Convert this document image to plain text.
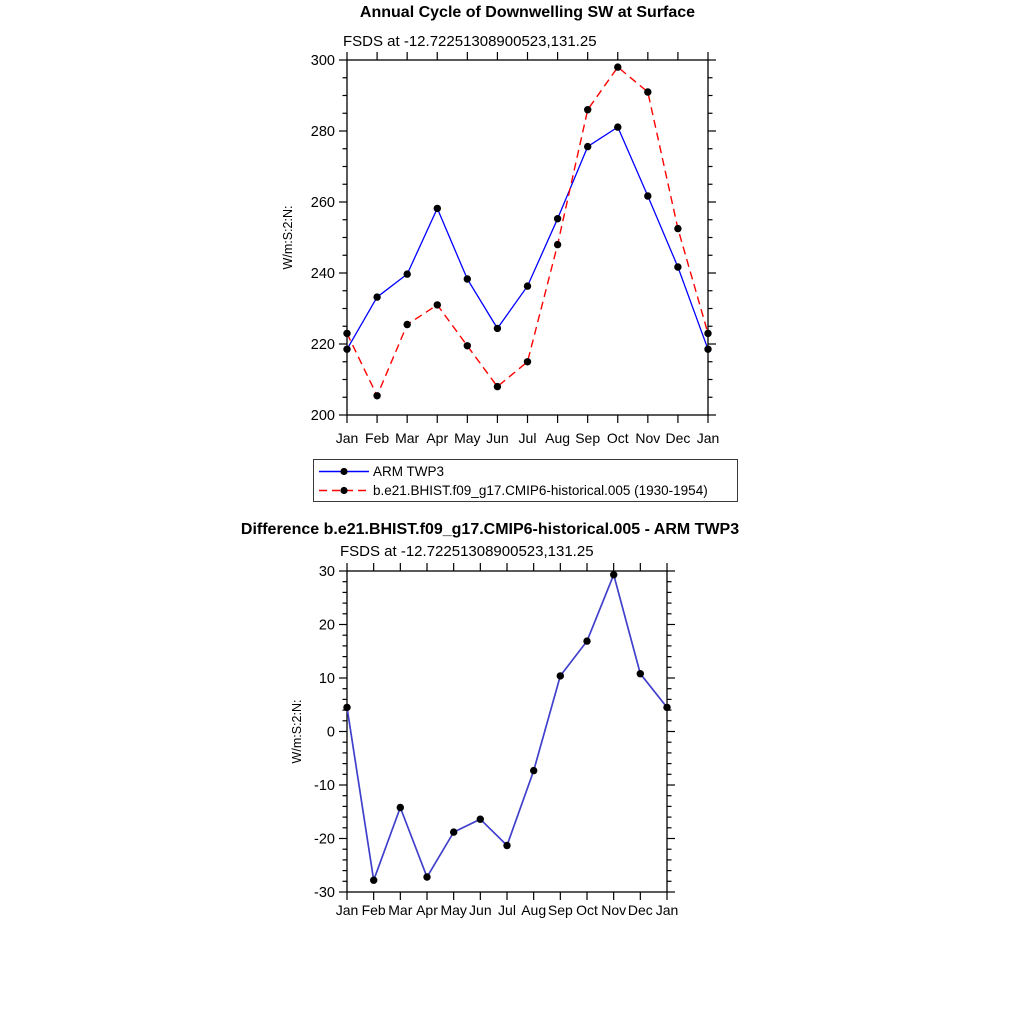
Annual Cycle of Downwelling SW at Surface
FSDS at -12.72251308900523,131.25
Jan Feb Mar Apr May Jun Jul Aug Sep Oct Nov Dec Jan
200
220
240
260
280
300
W/m:S:2:N:
ARM TWP3
b.e21.BHIST.f09_g17.CMIP6-historical.005 (1930-1954)
Difference b.e21.BHIST.f09_g17.CMIP6-historical.005 - ARM TWP3
FSDS at -12.72251308900523,131.25
Jan Feb Mar Apr May Jun Jul Aug Sep Oct Nov Dec Jan
-30
-20
-10
0
10
20
30
W/m:S:2:N:
